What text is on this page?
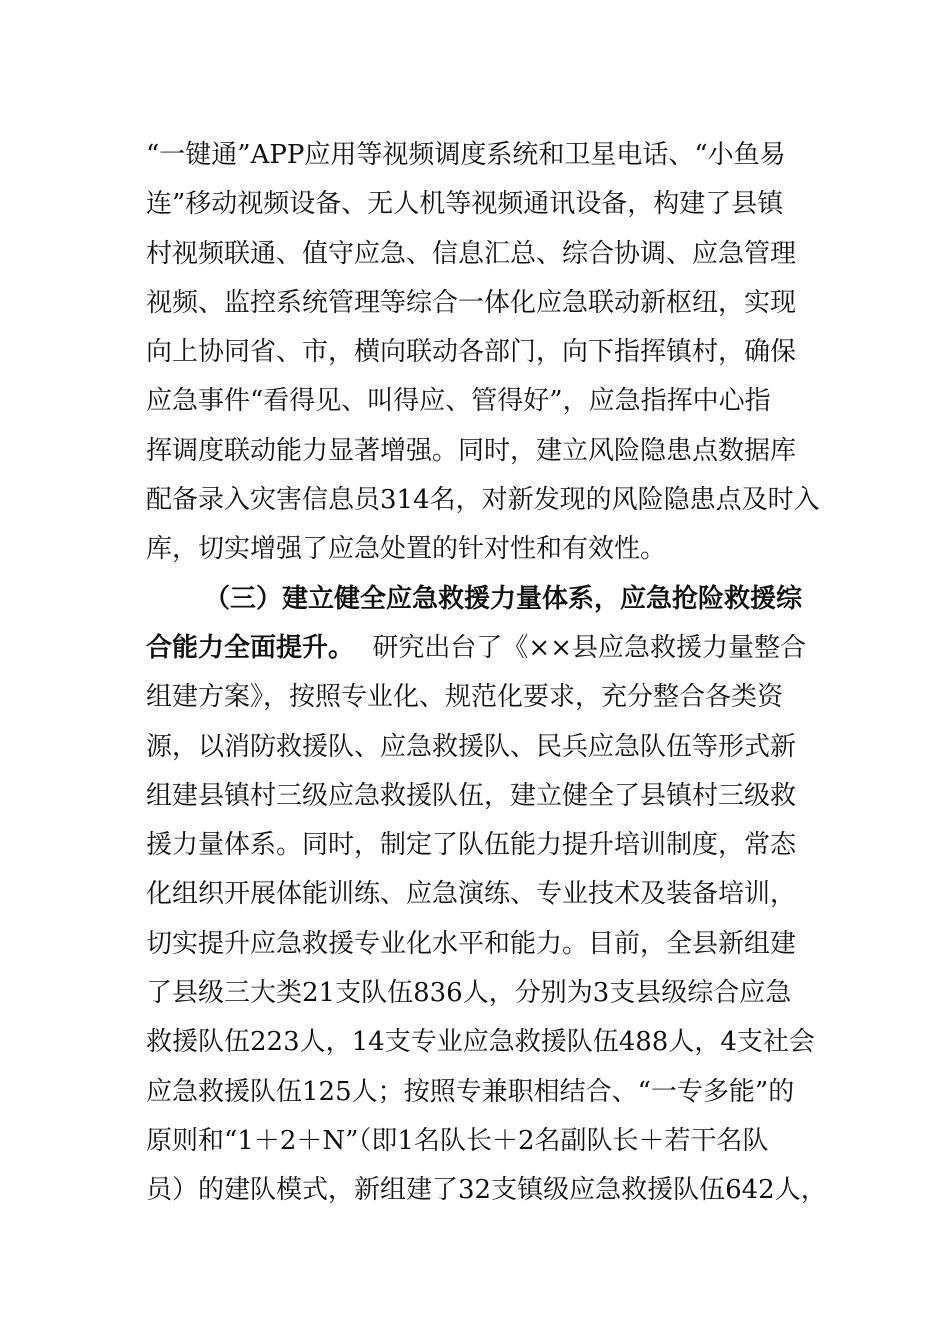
“一键通”APP应用等视频调度系统和卫星电话、“小鱼易
连”移动视频设备、无人机等视频通讯设备，构建了县镇
村视频联通、值守应急、信息汇总、综合协调、应急管理
视频、监控系统管理等综合一体化应急联动新枢纽，实现
向上协同省、市，横向联动各部门，向下指挥镇村，确保
应急事件“看得见、叫得应、管得好”，应急指挥中心指
挥调度联动能力显著增强。同时，建立风险隐患点数据库
配备录入灾害信息员314名，对新发现的风险隐患点及时入
库，切实增强了应急处置的针对性和有效性。
（三）建立健全应急救援力量体系，应急抢险救援综
合能力全面提升。 研究出台了《××县应急救援力量整合
组建方案》，按照专业化、规范化要求，充分整合各类资
源，以消防救援队、应急救援队、民兵应急队伍等形式新
组建县镇村三级应急救援队伍，建立健全了县镇村三级救
援力量体系。同时，制定了队伍能力提升培训制度，常态
化组织开展体能训练、应急演练、专业技术及装备培训，
切实提升应急救援专业化水平和能力。目前，全县新组建
了县级三大类21支队伍836人，分别为3支县级综合应急
救援队伍223人，14支专业应急救援队伍488人，4支社会
应急救援队伍125人；按照专兼职相结合、“一专多能”的
原则和“1＋2＋N”（即1名队长＋2名副队长＋若干名队
员）的建队模式，新组建了32支镇级应急救援队伍642人，
